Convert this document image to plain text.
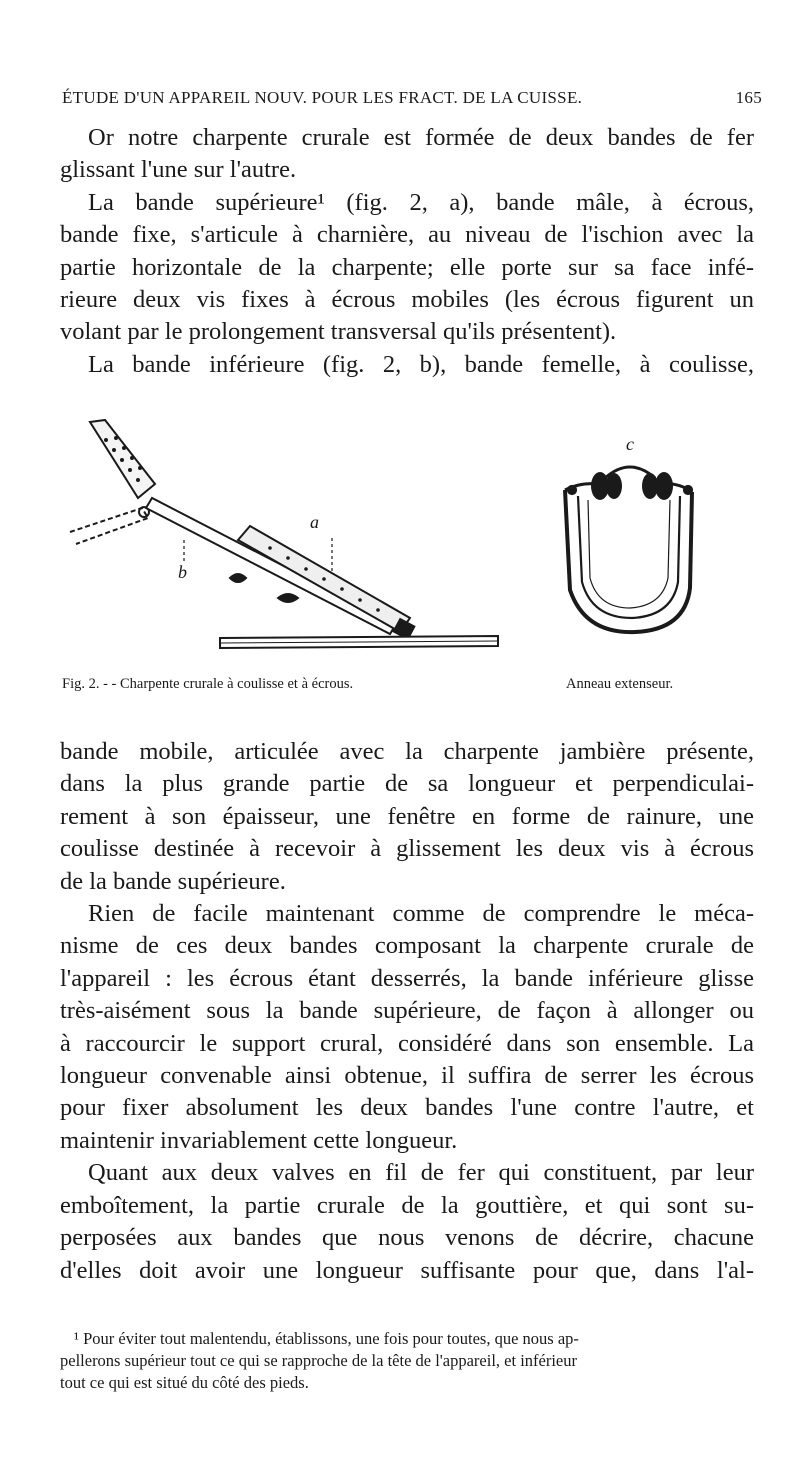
ÉTUDE D'UN APPAREIL NOUV. POUR LES FRACT. DE LA CUISSE.	165
Or notre charpente crurale est formée de deux bandes de fer
glissant l'une sur l'autre.
La bande supérieure¹ (fig. 2, a), bande mâle, à écrous,
bande fixe, s'articule à charnière, au niveau de l'ischion avec la
partie horizontale de la charpente; elle porte sur sa face infé-
rieure deux vis fixes à écrous mobiles (les écrous figurent un
volant par le prolongement transversal qu'ils présentent).
La bande inférieure (fig. 2, b), bande femelle, à coulisse,
b
a
c
Fig. 2. - - Charpente crurale à coulisse et à écrous.	Anneau extenseur.
bande mobile, articulée avec la charpente jambière présente,
dans la plus grande partie de sa longueur et perpendiculai-
rement à son épaisseur, une fenêtre en forme de rainure, une
coulisse destinée à recevoir à glissement les deux vis à écrous
de la bande supérieure.
Rien de facile maintenant comme de comprendre le méca-
nisme de ces deux bandes composant la charpente crurale de
l'appareil : les écrous étant desserrés, la bande inférieure glisse
très-aisément sous la bande supérieure, de façon à allonger ou
à raccourcir le support crural, considéré dans son ensemble. La
longueur convenable ainsi obtenue, il suffira de serrer les écrous
pour fixer absolument les deux bandes l'une contre l'autre, et
maintenir invariablement cette longueur.
Quant aux deux valves en fil de fer qui constituent, par leur
emboîtement, la partie crurale de la gouttière, et qui sont su-
perposées aux bandes que nous venons de décrire, chacune
d'elles doit avoir une longueur suffisante pour que, dans l'al-
¹ Pour éviter tout malentendu, établissons, une fois pour toutes, que nous ap-
pellerons supérieur tout ce qui se rapproche de la tête de l'appareil, et inférieur
tout ce qui est situé du côté des pieds.
